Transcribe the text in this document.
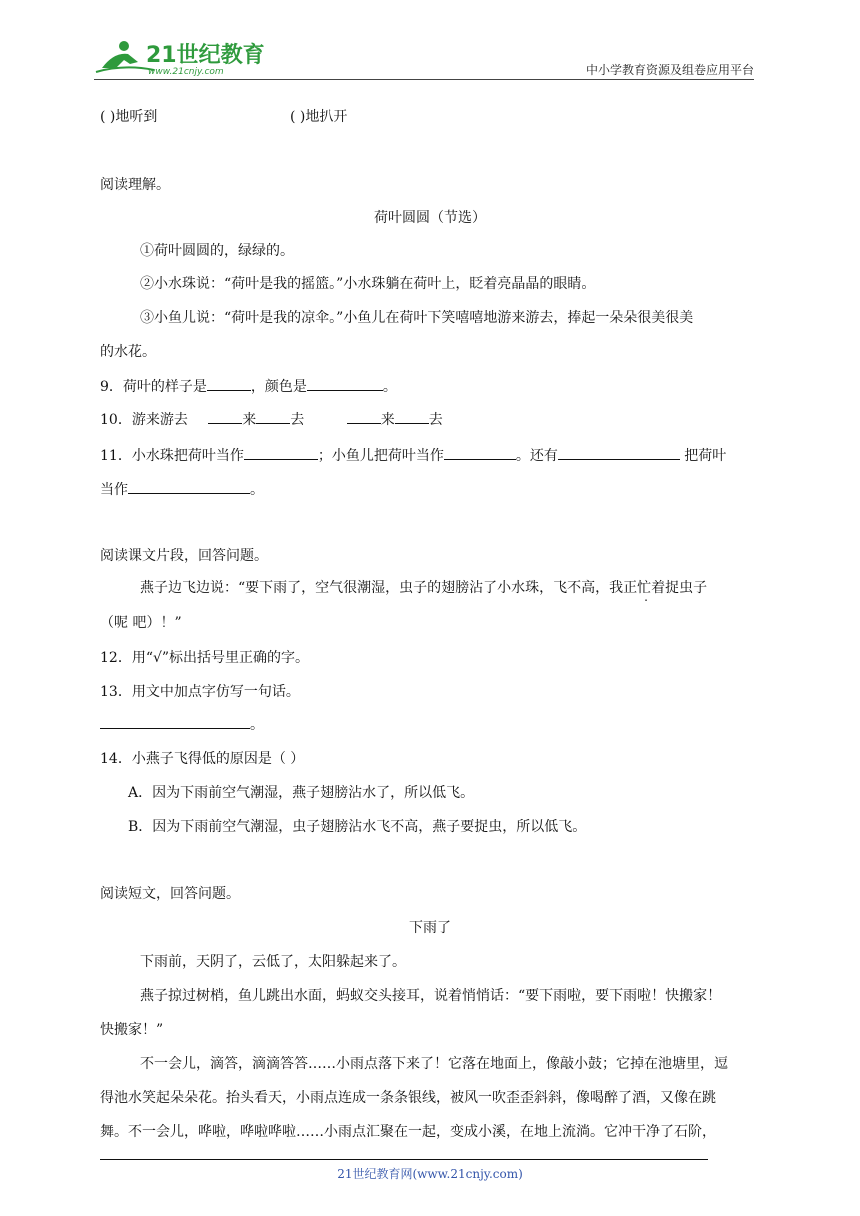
21世纪教育
www.21cnjy.com	中小学教育资源及组卷应用平台
( )地听到	( )地扒开
阅读理解。
荷叶圆圆（节选）
①荷叶圆圆的，绿绿的。
②小水珠说：“荷叶是我的摇篮。”小水珠躺在荷叶上，眨着亮晶晶的眼睛。
③小鱼儿说：“荷叶是我的凉伞。”小鱼儿在荷叶下笑嘻嘻地游来游去，捧起一朵朵很美很美
的水花。
9．荷叶的样子是	，颜色是	。
10．游来游去	来 去	来 去
11．小水珠把荷叶当作	；小鱼儿把荷叶当作	。还有	把荷叶
当作	。
阅读课文片段，回答问题。
燕子边飞边说：“要下雨了，空气很潮湿，虫子的翅膀沾了小水珠，飞不高，我正忙着捉虫子
（呢 吧）！”
12．用“√”标出括号里正确的字。
13．用文中加点字仿写一句话。
。
14．小燕子飞得低的原因是（ ）
A．因为下雨前空气潮湿，燕子翅膀沾水了，所以低飞。
B．因为下雨前空气潮湿，虫子翅膀沾水飞不高，燕子要捉虫，所以低飞。
阅读短文，回答问题。
下雨了
下雨前，天阴了，云低了，太阳躲起来了。
燕子掠过树梢，鱼儿跳出水面，蚂蚁交头接耳，说着悄悄话：“要下雨啦，要下雨啦！快搬家！
快搬家！”
不一会儿，滴答，滴滴答答……小雨点落下来了！它落在地面上，像敲小鼓；它掉在池塘里，逗
得池水笑起朵朵花。抬头看天，小雨点连成一条条银线，被风一吹歪歪斜斜，像喝醉了酒，又像在跳
舞。不一会儿，哗啦，哗啦哗啦……小雨点汇聚在一起，变成小溪，在地上流淌。它冲干净了石阶，
21世纪教育网(www.21cnjy.com)
